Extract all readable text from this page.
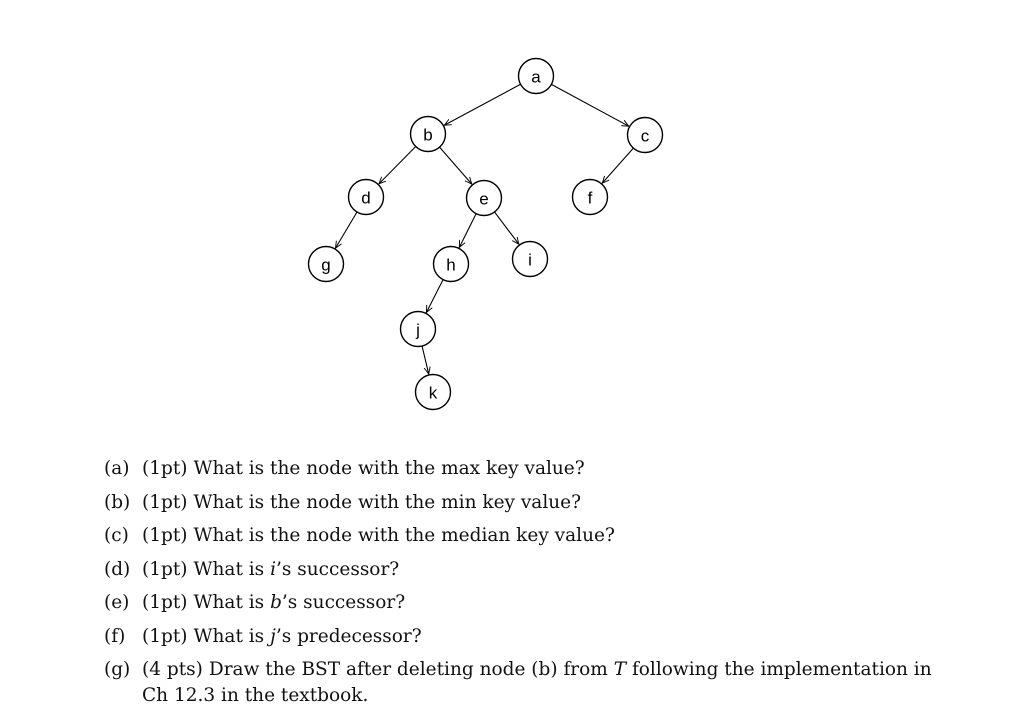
a
b	c
d	e	f
g	h	i
j
k
(a) (1pt) What is the node with the max key value?
(b) (1pt) What is the node with the min key value?
(c) (1pt) What is the node with the median key value?
(d) (1pt) What is i’s successor?
(e) (1pt) What is b’s successor?
(f) (1pt) What is j’s predecessor?
(g) (4 pts) Draw the BST after deleting node (b) from T following the implementation in Ch 12.3 in the textbook.
